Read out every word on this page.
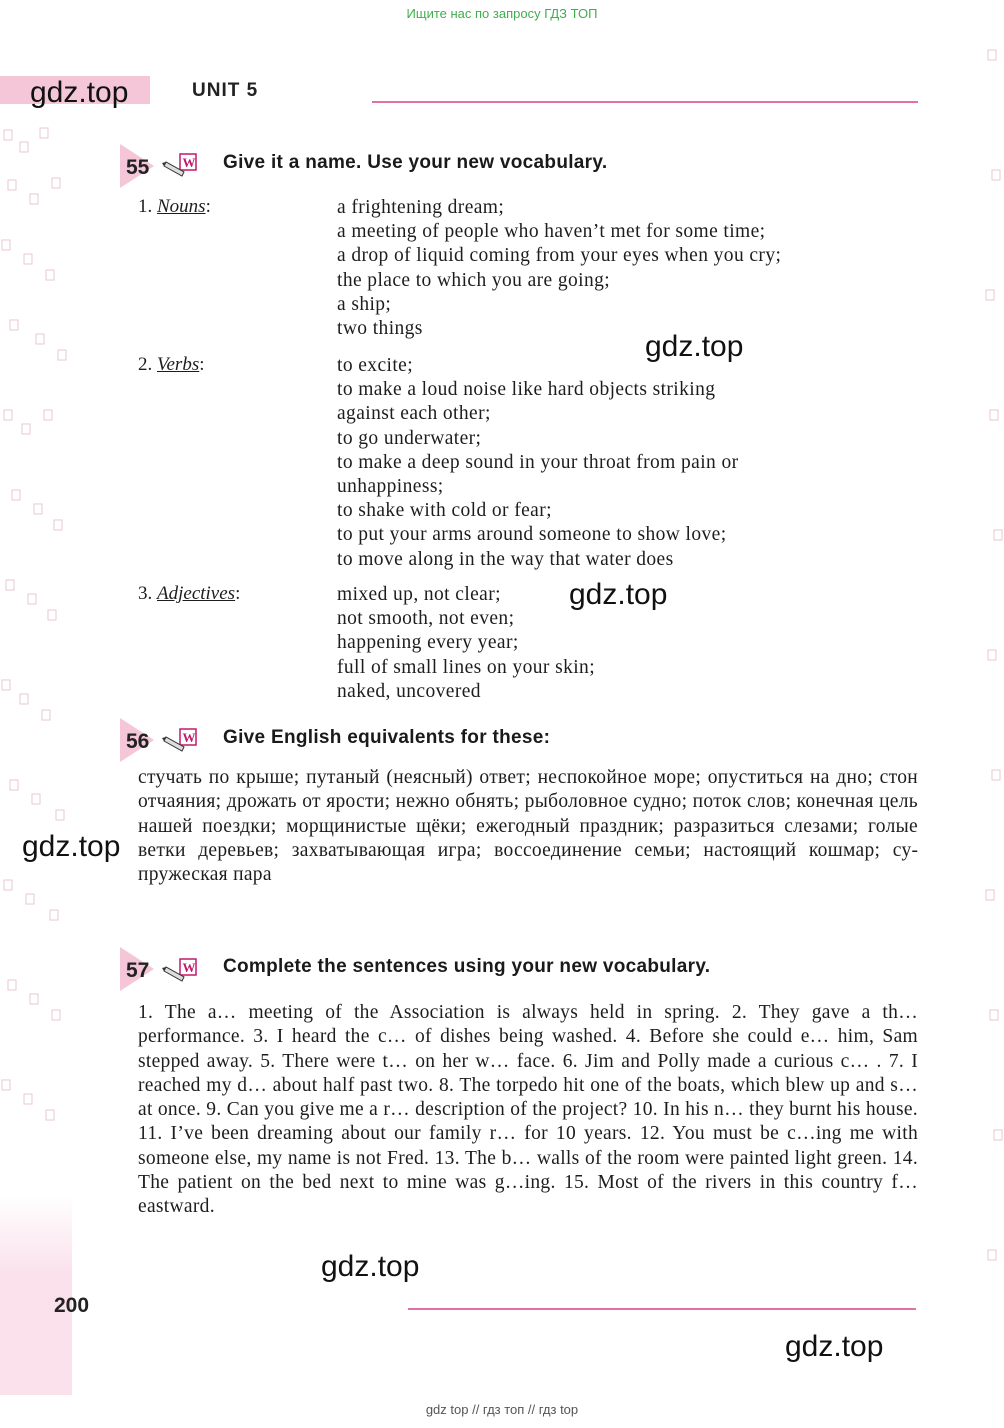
Ищите нас по запросу ГДЗ ТОП
gdz.top	UNIT 5
55	W Give it a name. Use your new vocabulary.
1. Nouns:	a frightening dream;
a meeting of people who haven’t met for some time;
a drop of liquid coming from your eyes when you cry;
the place to which you are going;
a ship;
two things
gdz.top
2. Verbs:	to excite;
to make a loud noise like hard objects striking
against each other;
to go underwater;
to make a deep sound in your throat from pain or
unhappiness;
to shake with cold or fear;
to put your arms around someone to show love;
to move along in the way that water does
3. Adjectives:	mixed up, not clear;
not smooth, not even;
happening every year;
full of small lines on your skin;
naked, uncovered
gdz.top
56	W Give English equivalents for these:
стучать по крыше; путаный (неясный) ответ; неспокойное море; опуститься на дно; стон отчаяния; дрожать от ярости; нежно обнять; рыболовное судно; поток слов; конечная цель нашей поездки; морщинистые щёки; ежегодный праздник; разразиться слезами; голые ветки деревьев; захватывающая игра; воссоединение семьи; настоящий кошмар; супружеская пара
gdz.top
57	W Complete the sentences using your new vocabulary.
1. The a… meeting of the Association is always held in spring. 2. They gave a th… performance. 3. I heard the c… of dishes being washed. 4. Before she could e… him, Sam stepped away. 5. There were t… on her w… face. 6. Jim and Polly made a curious c… . 7. I reached my d… about half past two. 8. The torpedo hit one of the boats, which blew up and s… at once. 9. Can you give me a r… description of the project? 10. In his n… they burnt his house. 11. I’ve been dreaming about our family r… for 10 years. 12. You must be c…ing me with someone else, my name is not Fred. 13. The b… walls of the room were painted light green. 14. The patient on the bed next to mine was g…ing. 15. Most of the rivers in this country f… eastward.
gdz.top
200
gdz.top
gdz top // гдз топ // гдз top
